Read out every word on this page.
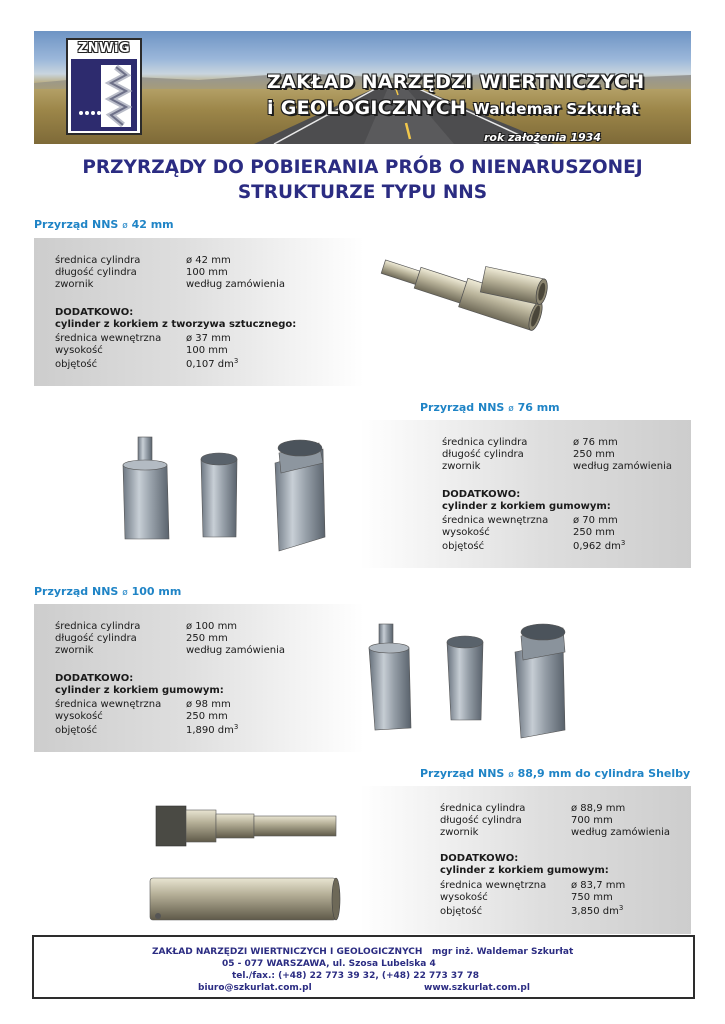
ZAKŁAD NARZĘDZI WIERTNICZYCH
i GEOLOGICZNYCH Waldemar Szkurłat
rok założenia 1934
ZNWiG
PRZYRZĄDY DO POBIERANIA PRÓB O NIENARUSZONEJ
STRUKTURZE TYPU NNS
Przyrząd NNS ø 42 mm
średnica cylindra	ø 42 mm
długość cylindra	100 mm
zwornik	według zamówienia
DODATKOWO:
cylinder z korkiem z tworzywa sztucznego:
średnica wewnętrzna ø 37 mm
wysokość	100 mm
objętość	0,107 $dm^3$
Przyrząd NNS ø 76 mm
średnica cylindra	ø 76 mm
długość cylindra	250 mm
zwornik	według zamówienia
DODATKOWO:
cylinder z korkiem gumowym:
średnica wewnętrzna ø 70 mm
wysokość	250 mm
objętość	0,962 $dm^3$
Przyrząd NNS ø 100 mm
średnica cylindra	ø 100 mm
długość cylindra	250 mm
zwornik	według zamówienia
DODATKOWO:
cylinder z korkiem gumowym:
średnica wewnętrzna ø 98 mm
wysokość	250 mm
objętość	1,890 $dm^3$
Przyrząd NNS ø 88,9 mm do cylindra Shelby
średnica cylindra	ø 88,9 mm
długość cylindra	700 mm
zwornik	według zamówienia
DODATKOWO:
cylinder z korkiem gumowym:
średnica wewnętrzna ø 83,7 mm
wysokość	750 mm
objętość	3,850 $dm^3$
ZAKŁAD NARZĘDZI WIERTNICZYCH I GEOLOGICZNYCH mgr inż. Waldemar Szkurłat
05 - 077 WARSZAWA, ul. Szosa Lubelska 4
tel./fax.: (+48) 22 773 39 32, (+48) 22 773 37 78
biuro@szkurlat.com.pl	www.szkurlat.com.pl
